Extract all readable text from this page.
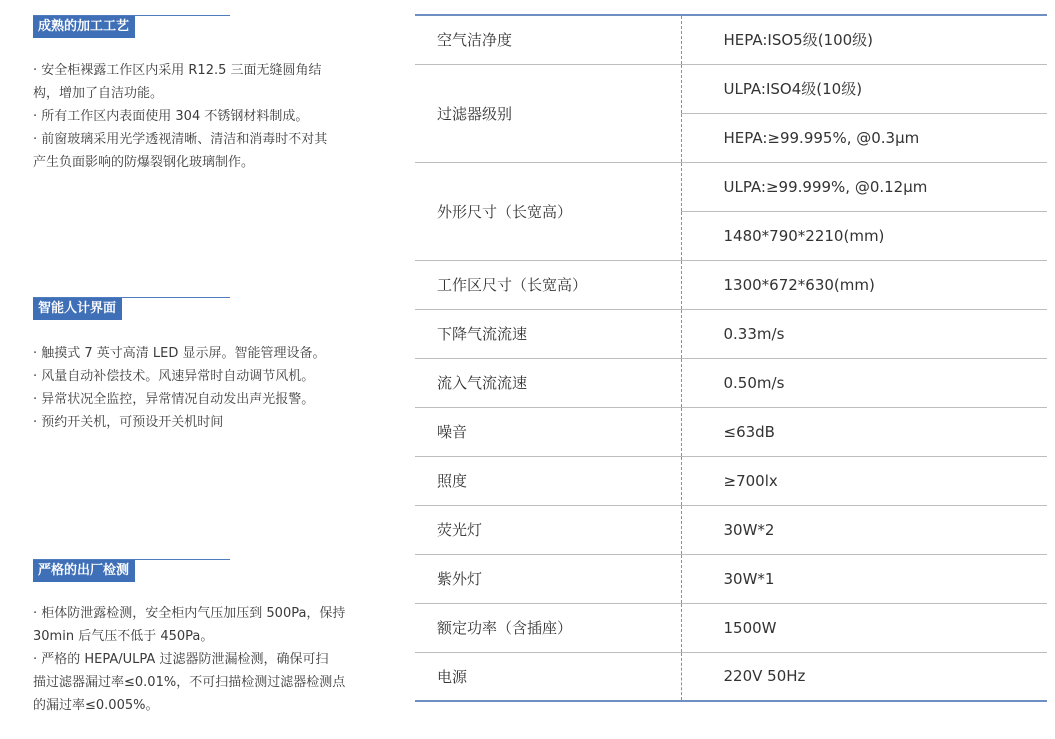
成熟的加工工艺

· 安全柜裸露工作区内采用 R12.5 三面无缝圆角结

构，增加了自洁功能。

· 所有工作区内表面使用 304 不锈钢材料制成。

· 前窗玻璃采用光学透视清晰、清洁和消毒时不对其

产生负面影响的防爆裂钢化玻璃制作。

智能人计界面

· 触摸式 7 英寸高清 LED 显示屏。智能管理设备。

· 风量自动补偿技术。风速异常时自动调节风机。

· 异常状况全监控，异常情况自动发出声光报警。

· 预约开关机，可预设开关机时间

严格的出厂检测

· 柜体防泄露检测，安全柜内气压加压到 500Pa，保持

30min 后气压不低于 450Pa。

· 严格的 HEPA/ULPA 过滤器防泄漏检测，确保可扫

描过滤器漏过率≤0.01%，不可扫描检测过滤器检测点

的漏过率≤0.005%。

空气洁净度	HEPA:ISO5级(100级)
过滤器级别	ULPA:ISO4级(10级)
	HEPA:≥99.995%, @0.3μm
外形尺寸（长宽高）	ULPA:≥99.999%, @0.12μm
	1480*790*2210(mm)
工作区尺寸（长宽高）	1300*672*630(mm)
下降气流流速	0.33m/s
流入气流流速	0.50m/s
噪音	≤63dB
照度	≥700lx
荧光灯	30W*2
紫外灯	30W*1
额定功率（含插座）	1500W
电源	220V 50Hz
